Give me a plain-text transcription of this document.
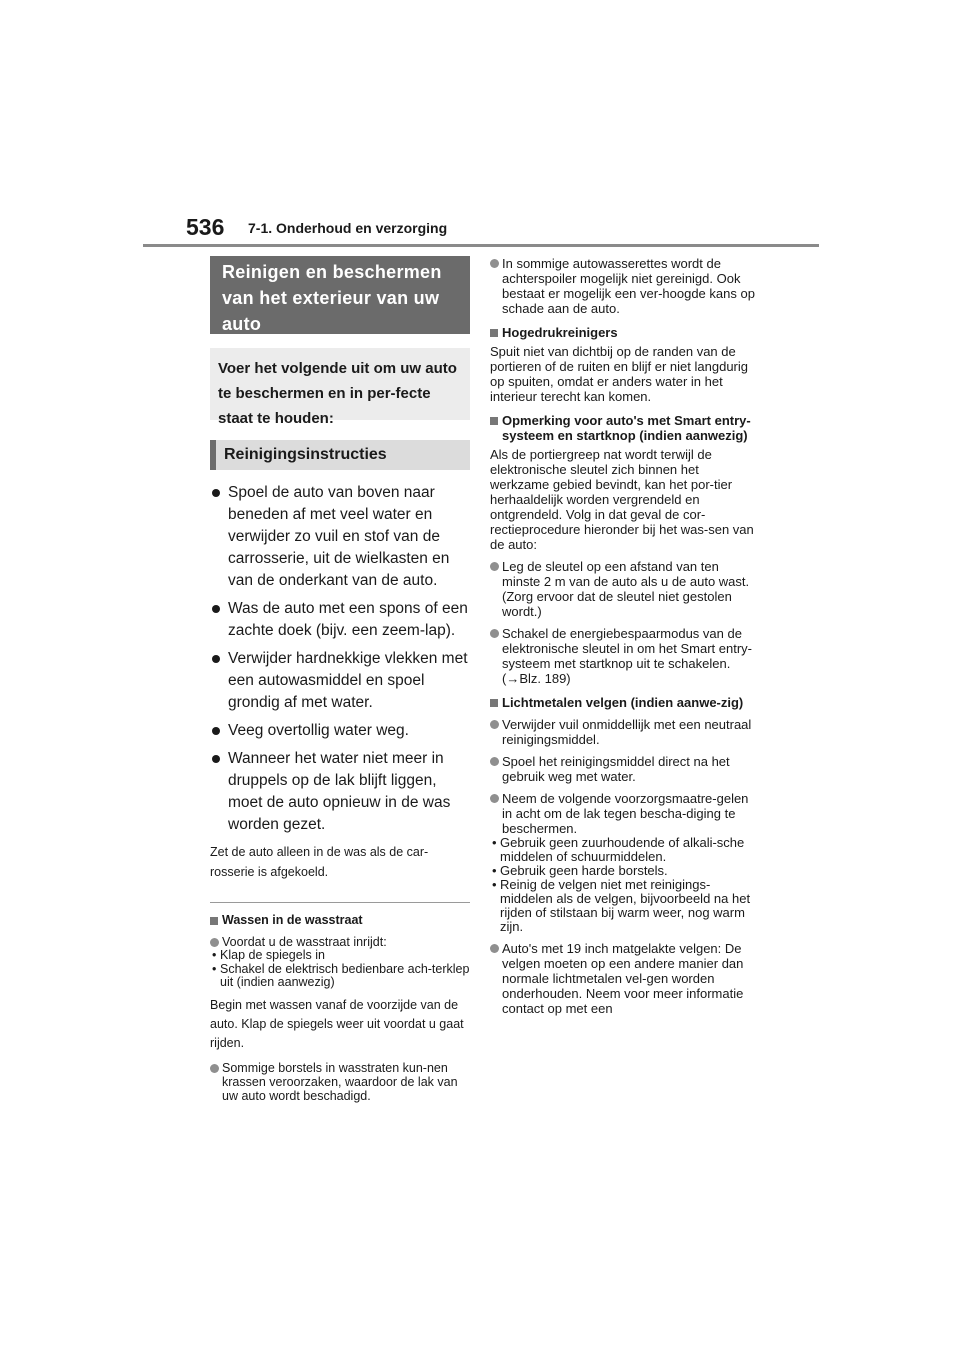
536 7-1. Onderhoud en verzorging
Reinigen en beschermen van het exterieur van uw auto
Voer het volgende uit om uw auto te beschermen en in per-fecte staat te houden:
Reinigingsinstructies
Spoel de auto van boven naar beneden af met veel water en verwijder zo vuil en stof van de carrosserie, uit de wielkasten en van de onderkant van de auto.
Was de auto met een spons of een zachte doek (bijv. een zeem-lap).
Verwijder hardnekkige vlekken met een autowasmiddel en spoel grondig af met water.
Veeg overtollig water weg.
Wanneer het water niet meer in druppels op de lak blijft liggen, moet de auto opnieuw in de was worden gezet.
Zet de auto alleen in de was als de car-rosserie is afgekoeld.
Wassen in de wasstraat
Voordat u de wasstraat inrijdt:
• Klap de spiegels in
• Schakel de elektrisch bedienbare ach-terklep uit (indien aanwezig)
Begin met wassen vanaf de voorzijde van de auto. Klap de spiegels weer uit voordat u gaat rijden.
Sommige borstels in wasstraten kun-nen krassen veroorzaken, waardoor de lak van uw auto wordt beschadigd.
In sommige autowasserettes wordt de achterspoiler mogelijk niet gereinigd. Ook bestaat er mogelijk een ver-hoogde kans op schade aan de auto.
Hogedrukreinigers
Spuit niet van dichtbij op de randen van de portieren of de ruiten en blijf er niet langdurig op spuiten, omdat er anders water in het interieur terecht kan komen.
Opmerking voor auto's met Smart entry-systeem en startknop (indien aanwezig)
Als de portiergreep nat wordt terwijl de elektronische sleutel zich binnen het werkzame gebied bevindt, kan het por-tier herhaaldelijk worden vergrendeld en ontgrendeld. Volg in dat geval de cor-rectieprocedure hieronder bij het was-sen van de auto:
Leg de sleutel op een afstand van ten minste 2 m van de auto als u de auto wast. (Zorg ervoor dat de sleutel niet gestolen wordt.)
Schakel de energiebespaarmodus van de elektronische sleutel in om het Smart entry-systeem met startknop uit te schakelen. (→Blz. 189)
Lichtmetalen velgen (indien aanwe-zig)
Verwijder vuil onmiddellijk met een neutraal reinigingsmiddel.
Spoel het reinigingsmiddel direct na het gebruik weg met water.
Neem de volgende voorzorgsmaatre-gelen in acht om de lak tegen bescha-diging te beschermen.
• Gebruik geen zuurhoudende of alkali-sche middelen of schuurmiddelen.
• Gebruik geen harde borstels.
• Reinig de velgen niet met reinigings-middelen als de velgen, bijvoorbeeld na het rijden of stilstaan bij warm weer, nog warm zijn.
Auto's met 19 inch matgelakte velgen: De velgen moeten op een andere manier dan normale lichtmetalen vel-gen worden onderhouden. Neem voor meer informatie contact op met een
